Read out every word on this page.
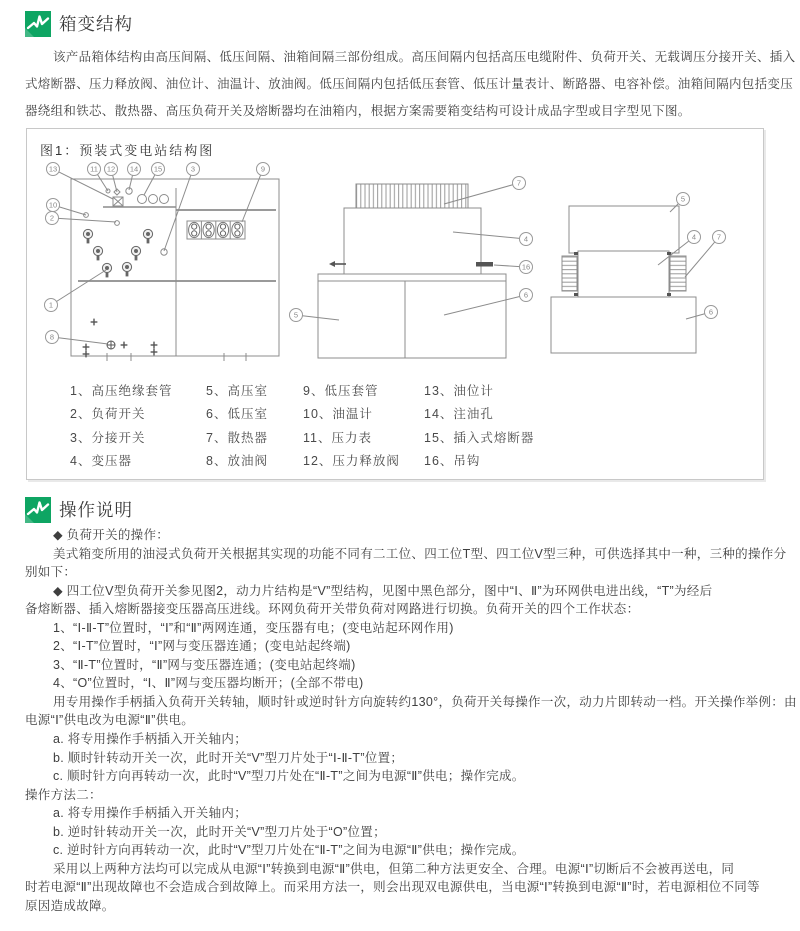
箱变结构
该产品箱体结构由高压间隔、低压间隔、油箱间隔三部份组成。高压间隔内包括高压电缆附件、负荷开关、无载调压分接开关、插入
式熔断器、压力释放阀、油位计、油温计、放油阀。低压间隔内包括低压套管、低压计量表计、断路器、电容补偿。油箱间隔内包括变压
器绕组和铁芯、散热器、高压负荷开关及熔断器均在油箱内，根据方案需要箱变结构可设计成品字型或目字型见下图。
图1：预装式变电站结构图
13	11 12 14 15	3	9
10
2
1
8
7
4
16
6
5
5
4	7
6
1、高压绝缘套管
2、负荷开关
3、分接开关
4、变压器
5、高压室
6、低压室
7、散热器
8、放油阀
9、低压套管
10、油温计
11、压力表
12、压力释放阀
13、油位计
14、注油孔
15、插入式熔断器
16、吊钩
操作说明
◆ 负荷开关的操作：
美式箱变所用的油浸式负荷开关根据其实现的功能不同有二工位、四工位T型、四工位V型三种，可供选择其中一种，三种的操作分
别如下：
◆ 四工位V型负荷开关参见图2，动力片结构是“V”型结构，见图中黑色部分，图中“Ⅰ、Ⅱ”为环网供电进出线，“T”为经后
备熔断器、插入熔断器接变压器高压进线。环网负荷开关带负荷对网路进行切换。负荷开关的四个工作状态：
1、“Ⅰ-Ⅱ-T”位置时，“Ⅰ”和“Ⅱ”两网连通，变压器有电；(变电站起环网作用)
2、“Ⅰ-T”位置时，“Ⅰ”网与变压器连通；(变电站起终端)
3、“Ⅱ-T”位置时，“Ⅱ”网与变压器连通；(变电站起终端)
4、“O”位置时，“Ⅰ、Ⅱ”网与变压器均断开；(全部不带电)
用专用操作手柄插入负荷开关转轴，顺时针或逆时针方向旋转约130°，负荷开关每操作一次，动力片即转动一档。开关操作举例：由
电源“Ⅰ”供电改为电源“Ⅱ”供电。
a. 将专用操作手柄插入开关轴内；
b. 顺时针转动开关一次，此时开关“V”型刀片处于“Ⅰ-Ⅱ-T”位置；
c. 顺时针方向再转动一次，此时“V”型刀片处在“Ⅱ-T”之间为电源“Ⅱ”供电；操作完成。
操作方法二：
a. 将专用操作手柄插入开关轴内；
b. 逆时针转动开关一次，此时开关“V”型刀片处于“O”位置；
c. 逆时针方向再转动一次，此时“V”型刀片处在“Ⅱ-T”之间为电源“Ⅱ”供电；操作完成。
采用以上两种方法均可以完成从电源“Ⅰ”转换到电源“Ⅱ”供电，但第二种方法更安全、合理。电源“Ⅰ”切断后不会被再送电，同
时若电源“Ⅱ”出现故障也不会造成合到故障上。而采用方法一，则会出现双电源供电，当电源“Ⅰ”转换到电源“Ⅱ”时，若电源相位不同等
原因造成故障。
